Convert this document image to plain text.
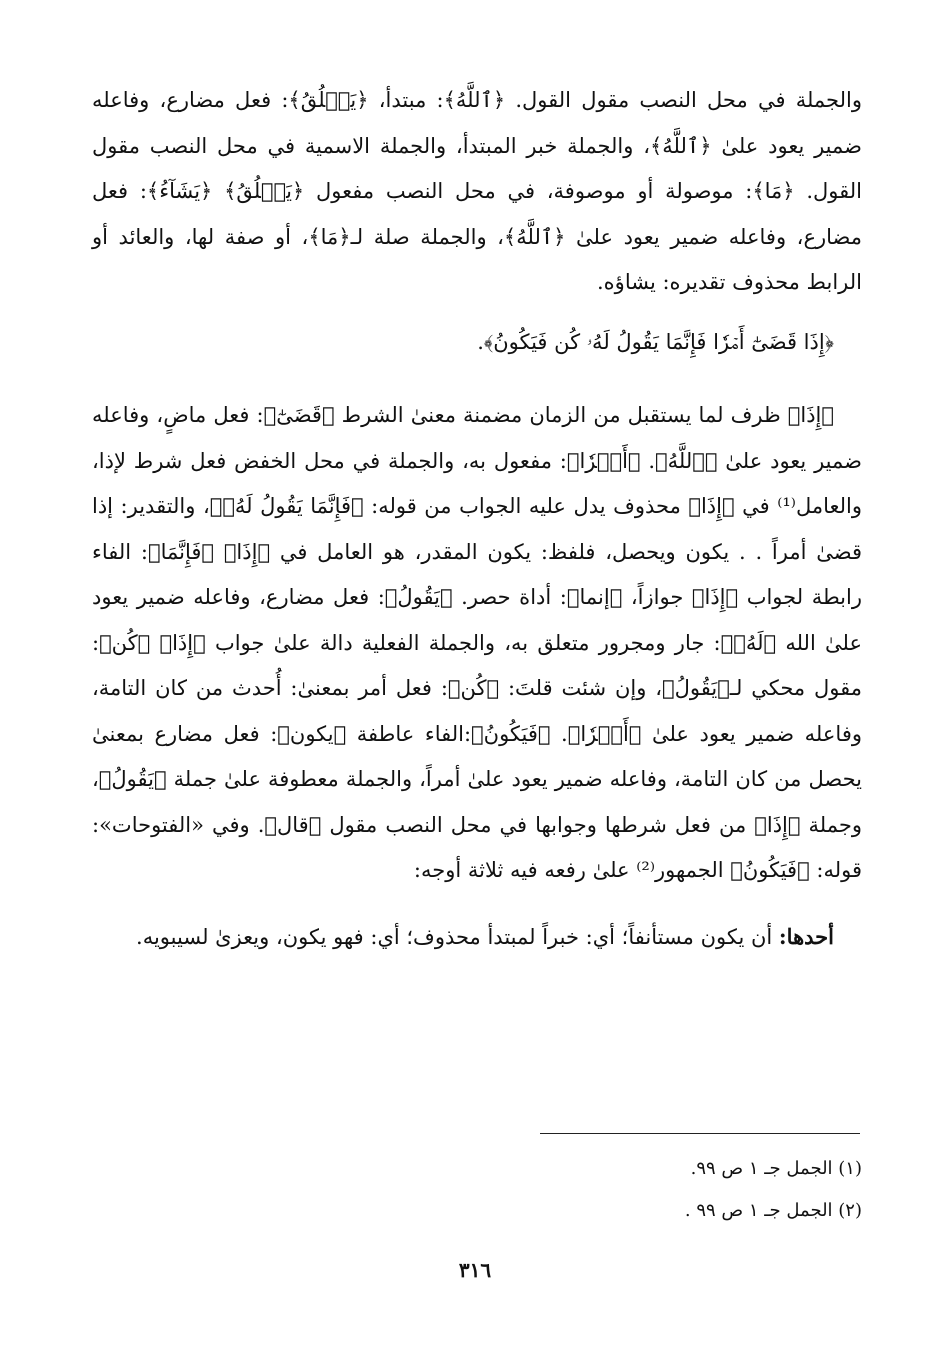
والجملة في محل النصب مقول القول. ﴿ٱللَّهُ﴾: مبتدأ، ﴿يَخۡلُقُ﴾: فعل مضارع، وفاعله ضمير يعود علىٰ ﴿ٱللَّهُ﴾، والجملة خبر المبتدأ، والجملة الاسمية في محل النصب مقول القول. ﴿مَا﴾: موصولة أو موصوفة، في محل النصب مفعول ﴿يَخۡلُقُ﴾ ﴿يَشَآءُ﴾: فعل مضارع، وفاعله ضمير يعود علىٰ ﴿ٱللَّهُ﴾، والجملة صلة لـ﴿مَا﴾، أو صفة لها، والعائد أو الرابط محذوف تقديره: يشاؤه.

﴿إِذَا قَضَىٰٓ أَمۡرٗا فَإِنَّمَا يَقُولُ لَهُۥ كُن فَيَكُونُ﴾.

﴿إِذَا﴾ ظرف لما يستقبل من الزمان مضمنة معنىٰ الشرط ﴿قَضَىٰٓ﴾: فعل ماضٍ، وفاعله ضمير يعود علىٰ ﴿ٱللَّهُ﴾. ﴿أَمۡرٗا﴾: مفعول به، والجملة في محل الخفض فعل شرط لإذا، والعامل⁽¹⁾ في ﴿إِذَا﴾ محذوف يدل عليه الجواب من قوله: ﴿فَإِنَّمَا يَقُولُ لَهُۥ﴾، والتقدير: إذا قضىٰ أمراً . . يكون ويحصل، فلفظ: يكون المقدر، هو العامل في ﴿إِذَا﴾ ﴿فَإِنَّمَا﴾: الفاء رابطة لجواب ﴿إِذَا﴾ جوازاً، ﴿إنما﴾: أداة حصر. ﴿يَقُولُ﴾: فعل مضارع، وفاعله ضمير يعود علىٰ الله ﴿لَهُۥ﴾: جار ومجرور متعلق به، والجملة الفعلية دالة علىٰ جواب ﴿إِذَا﴾ ﴿كُن﴾: مقول محكي لـ﴿يَقُولُ﴾، وإن شئت قلتَ: ﴿كُن﴾: فعل أمر بمعنىٰ: أُحدث من كان التامة، وفاعله ضمير يعود علىٰ ﴿أَمۡرٗا﴾. ﴿فَيَكُونُ﴾:الفاء عاطفة ﴿يكون﴾: فعل مضارع بمعنىٰ يحصل من كان التامة، وفاعله ضمير يعود علىٰ أمراً، والجملة معطوفة علىٰ جملة ﴿يَقُولُ﴾، وجملة ﴿إِذَا﴾ من فعل شرطها وجوابها في محل النصب مقول ﴿قال﴾. وفي «الفتوحات»: قوله: ﴿فَيَكُونُ﴾ الجمهور⁽²⁾ علىٰ رفعه فيه ثلاثة أوجه:

أحدها: أن يكون مستأنفاً؛ أي: خبراً لمبتدأ محذوف؛ أي: فهو يكون، ويعزىٰ لسيبويه.

(١) الجمل جـ ١ ص ٩٩.

(٢) الجمل جـ ١ ص ٩٩ .

٣١٦
